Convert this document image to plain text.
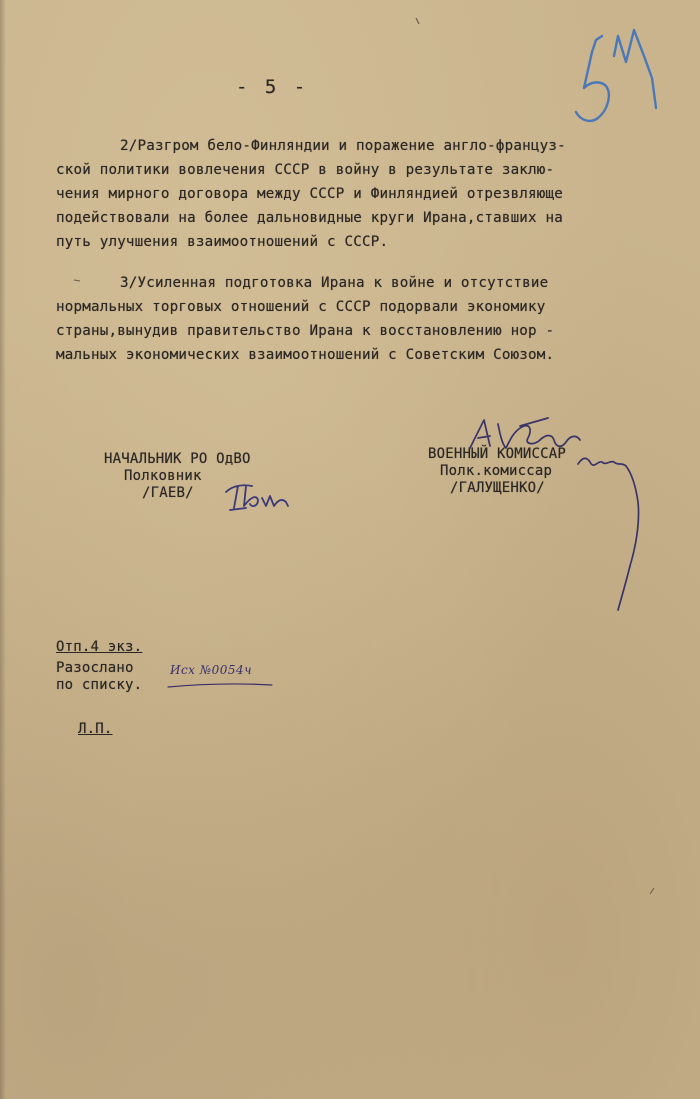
- 5 -
2/Разгром бело-Финляндии и поражение англо-француз-
ской политики вовлечения СССР в войну в результате заклю-
чения мирного договора между СССР и Финляндией отрезвляюще
подействовали на более дальновидные круги Ирана,ставших на
путь улучшения взаимоотношений с СССР.
3/Усиленная подготовка Ирана к войне и отсутствие
нормальных торговых отношений с СССР подорвали экономику
страны,вынудив правительство Ирана к восстановлению нор -
мальных экономических взаимоотношений с Советским Союзом.
НАЧАЛЬНИК РО ОдВО
Полковник
/ГАЕВ/
ВОЕННЫЙ КОМИССАР
Полк.комиссар
/ГАЛУЩЕНКО/
Отп.4 экз.
Разослано
по списку.
Исх №0054ч
Л.П.
